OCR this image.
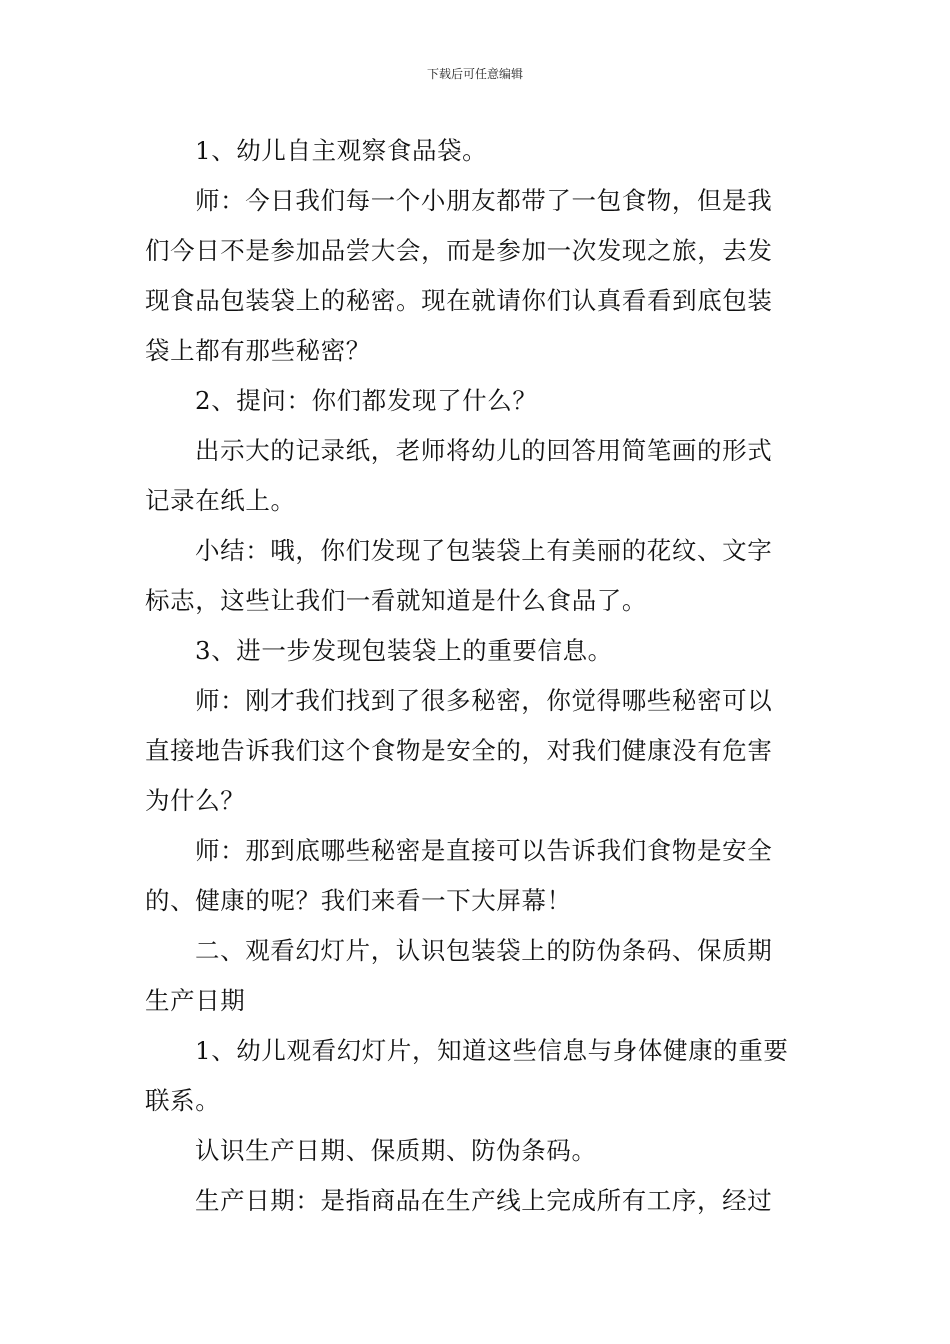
下载后可任意编辑
1、幼儿自主观察食品袋。
师：今日我们每一个小朋友都带了一包食物，但是我
们今日不是参加品尝大会，而是参加一次发现之旅，去发
现食品包装袋上的秘密。现在就请你们认真看看到底包装
袋上都有那些秘密？
2、提问：你们都发现了什么？
出示大的记录纸，老师将幼儿的回答用简笔画的形式
记录在纸上。
小结：哦，你们发现了包装袋上有美丽的花纹、文字
标志，这些让我们一看就知道是什么食品了。
3、进一步发现包装袋上的重要信息。
师：刚才我们找到了很多秘密，你觉得哪些秘密可以
直接地告诉我们这个食物是安全的，对我们健康没有危害
为什么？
师：那到底哪些秘密是直接可以告诉我们食物是安全
的、健康的呢？我们来看一下大屏幕！
二、观看幻灯片，认识包装袋上的防伪条码、保质期
生产日期
1、幼儿观看幻灯片，知道这些信息与身体健康的重要
联系。
认识生产日期、保质期、防伪条码。
生产日期：是指商品在生产线上完成所有工序，经过
